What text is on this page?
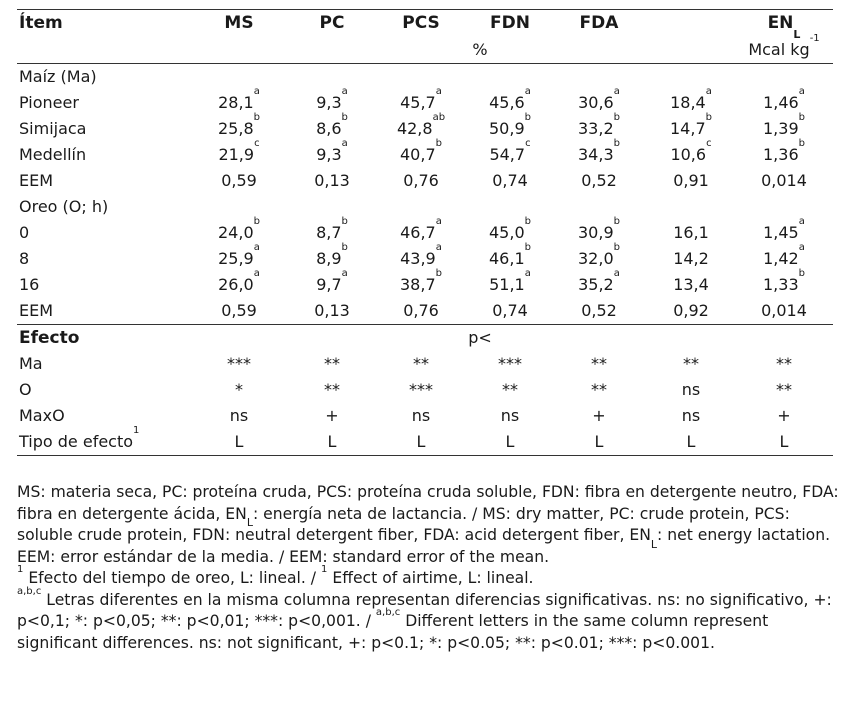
Ítem	MS	PC	PCS	FDN	FDA		$EN_L$
	%						Mcal $kg^{-1}$
Maíz (Ma)							
Pioneer	28,1$^a$	9,3$^a$	45,7$^a$	45,6$^a$	30,6$^a$	18,4$^a$	1,46$^a$
Simijaca	25,8$^b$	8,6$^b$	42,8$^{ab}$	50,9$^b$	33,2$^b$	14,7$^b$	1,39$^b$
Medellín	21,9$^c$	9,3$^a$	40,7$^b$	54,7$^c$	34,3$^b$	10,6$^c$	1,36$^b$
EEM	0,59	0,13	0,76	0,74	0,52	0,91	0,014
Oreo (O; h)							
0	24,0$^b$	8,7$^b$	46,7$^a$	45,0$^b$	30,9$^b$	16,1	1,45$^a$
8	25,9$^a$	8,9$^b$	43,9$^a$	46,1$^b$	32,0$^b$	14,2	1,42$^a$
16	26,0$^a$	9,7$^a$	38,7$^b$	51,1$^a$	35,2$^a$	13,4	1,33$^b$
EEM	0,59	0,13	0,76	0,74	0,52	0,92	0,014
Efecto	p<						
Ma	***	**	**	***	**	**	**
O	*	**	***	**	**	ns	**
MaxO	ns	+	ns	ns	+	ns	+
Tipo de efecto$^1$	L	L	L	L	L	L	L

MS: materia seca, PC: proteína cruda, PCS: proteína cruda soluble, FDN: fibra en detergente neutro, FDA: fibra en detergente ácida, $EN_L$: energía neta de lactancia. / MS: dry matter, PC: crude protein, PCS: soluble crude protein, FDN: neutral detergent fiber, FDA: acid detergent fiber, $EN_L$: net energy lactation.

EEM: error estándar de la media. / EEM: standard error of the mean.

$^1$ Efecto del tiempo de oreo, L: lineal. / $^1$ Effect of airtime, L: lineal.

$^{a,b,c}$ Letras diferentes en la misma columna representan diferencias significativas. ns: no significativo, +: p<0,1; *: p<0,05; **: p<0,01; ***: p<0,001. / $^{a,b,c}$ Different letters in the same column represent significant differences. ns: not significant, +: p<0.1; *: p<0.05; **: p<0.01; ***: p<0.001.
